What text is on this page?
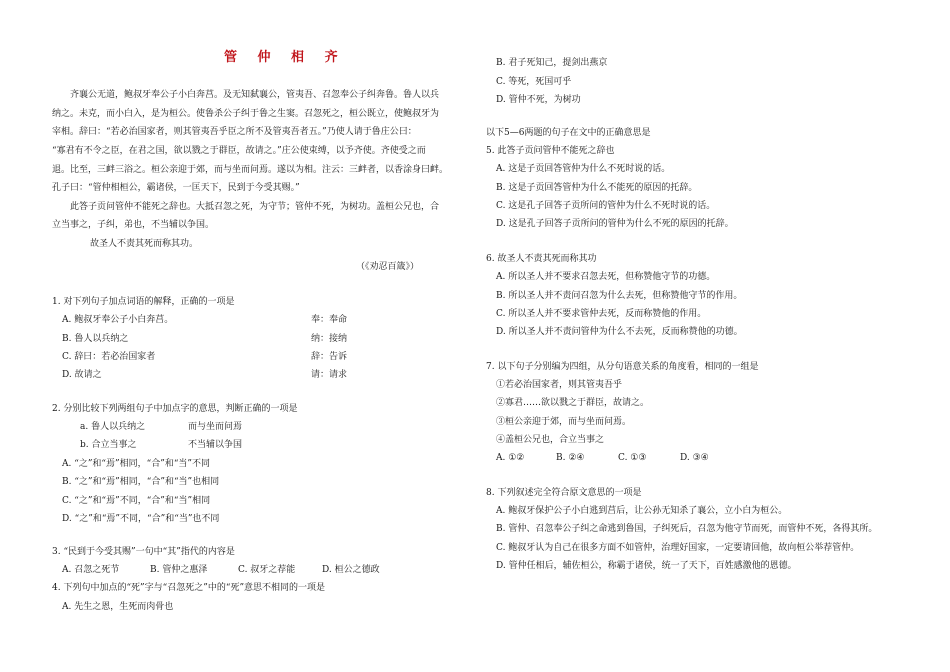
管 仲 相 齐
齐襄公无道，鲍叔牙奉公子小白奔莒。及无知弑襄公，管夷吾、召忽奉公子纠奔鲁。鲁人以兵
纳之。未克，而小白入，是为桓公。使鲁杀公子纠于鲁之生窦。召忽死之，桓公既立，使鲍叔牙为
宰相。辞曰：“若必治国家者，则其管夷吾乎臣之所不及管夷吾者五。”乃使人请于鲁庄公曰：
“寡君有不令之臣，在君之国，欲以戮之于群臣，故请之。”庄公使束缚，以予齐使。齐使受之而
退。比至，三衅三浴之。桓公亲迎于郊，而与坐而问焉。遂以为相。注云：三衅者，以香涂身曰衅。
孔子曰：“管仲相桓公，霸诸侯，一匡天下，民到于今受其赐。”
此答子贡问管仲不能死之辞也。大抵召忽之死，为守节；管仲不死，为树功。盖桓公兄也，合
立当事之，子纠，弟也，不当辅以争国。
故圣人不责其死而称其功。
（《劝忍百箴》）
1. 对下列句子加点词语的解释，正确的一项是
A. 鲍叔牙奉公子小白奔莒。	奉：奉命
B. 鲁人以兵纳之	纳：接纳
C. 辞曰：若必治国家者	辞：告诉
D. 故请之	请：请求
2. 分别比较下列两组句子中加点字的意思，判断正确的一项是
a. 鲁人以兵纳之	而与坐而问焉
b. 合立当事之	不当辅以争国
A. “之”和“焉”相同，“合”和“当”不同
B. “之”和“焉”相同，“合”和“当”也相同
C. “之”和“焉”不同，“合”和“当”相同
D. “之”和“焉”不同，“合”和“当”也不同
3. “民到于今受其赐”一句中“其”指代的内容是
A. 召忽之死节	B. 管仲之惠泽	C. 叔牙之荐能	D. 桓公之德政
4. 下列句中加点的“死”字与“召忽死之”中的“死”意思不相同的一项是
A. 先生之恩，生死而肉骨也
B. 君子死知己，提剑出燕京
C. 等死，死国可乎
D. 管仲不死，为树功
以下5—6两题的句子在文中的正确意思是
5. 此答子贡问管仲不能死之辞也
A. 这是子贡回答管仲为什么不死时说的话。
B. 这是子贡回答管仲为什么不能死的原因的托辞。
C. 这是孔子回答子贡所问的管仲为什么不死时说的话。
D. 这是孔子回答子贡所问的管仲为什么不死的原因的托辞。
6. 故圣人不责其死而称其功
A. 所以圣人并不要求召忽去死，但称赞他守节的功德。
B. 所以圣人并不责问召忽为什么去死，但称赞他守节的作用。
C. 所以圣人并不要求管仲去死，反而称赞他的作用。
D. 所以圣人并不责问管仲为什么不去死，反而称赞他的功德。
7. 以下句子分别编为四组，从分句语意关系的角度看，相同的一组是
①若必治国家者，则其管夷吾乎
②寡君……欲以戮之于群臣，故请之。
③桓公亲迎于郊，而与坐而问焉。
④盖桓公兄也，合立当事之
A. ①②	B. ②④	C. ①③	D. ③④
8. 下列叙述完全符合原文意思的一项是
A. 鲍叔牙保护公子小白逃到莒后，让公孙无知杀了襄公，立小白为桓公。
B. 管仲、召忽奉公子纠之命逃到鲁国，子纠死后，召忽为他守节而死，而管仲不死，各得其所。
C. 鲍叔牙认为自己在很多方面不如管仲，治理好国家，一定要请回他，故向桓公举荐管仲。
D. 管仲任相后，辅佐桓公，称霸于诸侯，统一了天下，百姓感激他的恩德。
